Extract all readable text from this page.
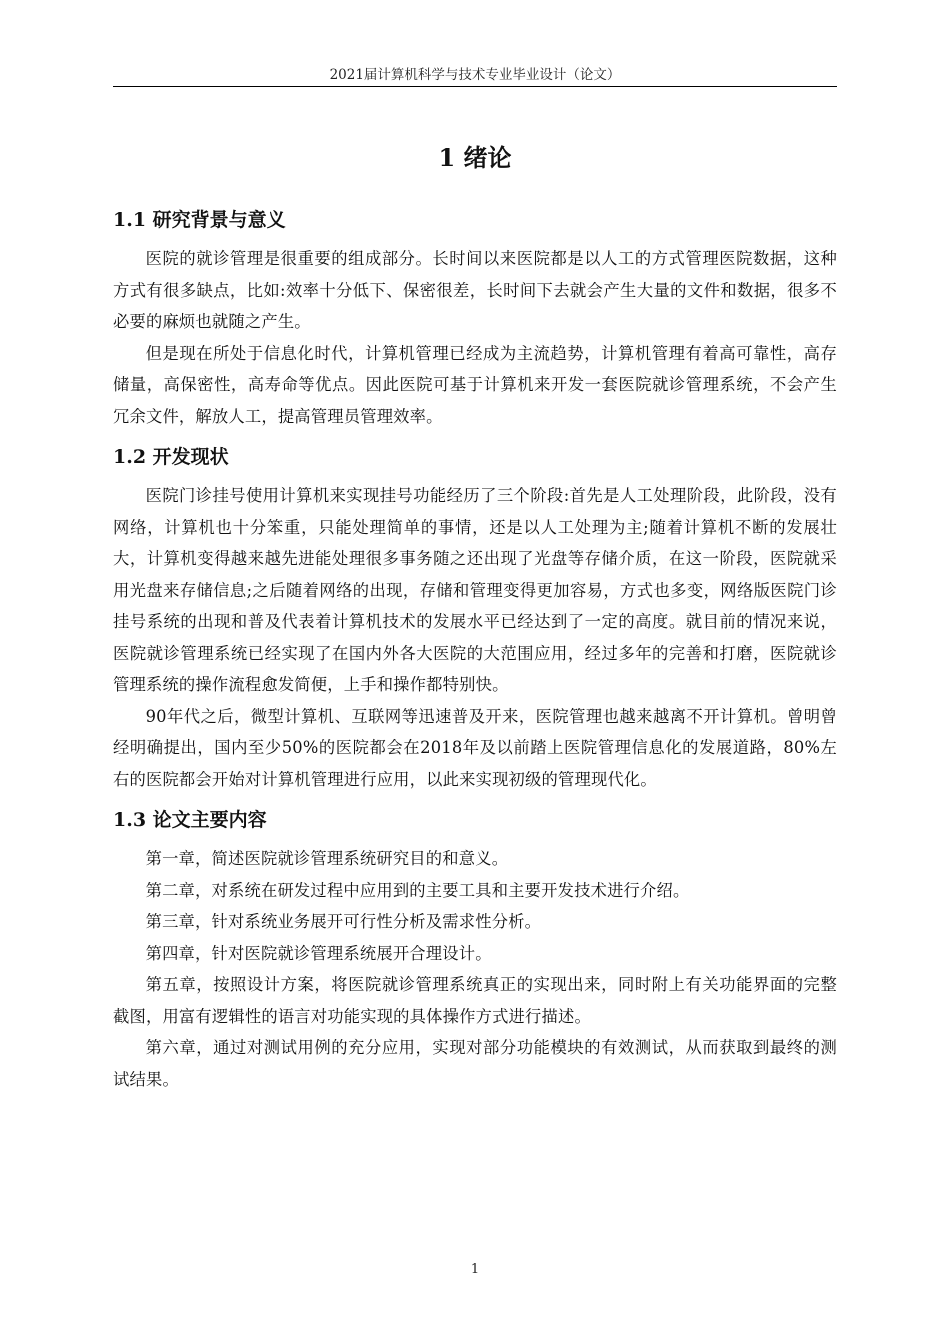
2021届计算机科学与技术专业毕业设计（论文）
1 绪论
1.1 研究背景与意义

医院的就诊管理是很重要的组成部分。长时间以来医院都是以人工的方式管理医院数据，这种方式有很多缺点，比如:效率十分低下、保密很差，长时间下去就会产生大量的文件和数据，很多不必要的麻烦也就随之产生。

但是现在所处于信息化时代，计算机管理已经成为主流趋势，计算机管理有着高可靠性，高存储量，高保密性，高寿命等优点。因此医院可基于计算机来开发一套医院就诊管理系统，不会产生冗余文件，解放人工，提高管理员管理效率。

1.2 开发现状

医院门诊挂号使用计算机来实现挂号功能经历了三个阶段:首先是人工处理阶段，此阶段，没有网络，计算机也十分笨重，只能处理简单的事情，还是以人工处理为主;随着计算机不断的发展壮大，计算机变得越来越先进能处理很多事务随之还出现了光盘等存储介质，在这一阶段，医院就采用光盘来存储信息;之后随着网络的出现，存储和管理变得更加容易，方式也多变，网络版医院门诊挂号系统的出现和普及代表着计算机技术的发展水平已经达到了一定的高度。就目前的情况来说，医院就诊管理系统已经实现了在国内外各大医院的大范围应用，经过多年的完善和打磨，医院就诊管理系统的操作流程愈发简便，上手和操作都特别快。

90年代之后，微型计算机、互联网等迅速普及开来，医院管理也越来越离不开计算机。曾明曾经明确提出，国内至少50%的医院都会在2018年及以前踏上医院管理信息化的发展道路，80%左右的医院都会开始对计算机管理进行应用，以此来实现初级的管理现代化。

1.3 论文主要内容

第一章，简述医院就诊管理系统研究目的和意义。

第二章，对系统在研发过程中应用到的主要工具和主要开发技术进行介绍。

第三章，针对系统业务展开可行性分析及需求性分析。

第四章，针对医院就诊管理系统展开合理设计。

第五章，按照设计方案，将医院就诊管理系统真正的实现出来，同时附上有关功能界面的完整截图，用富有逻辑性的语言对功能实现的具体操作方式进行描述。

第六章，通过对测试用例的充分应用，实现对部分功能模块的有效测试，从而获取到最终的测试结果。

1
